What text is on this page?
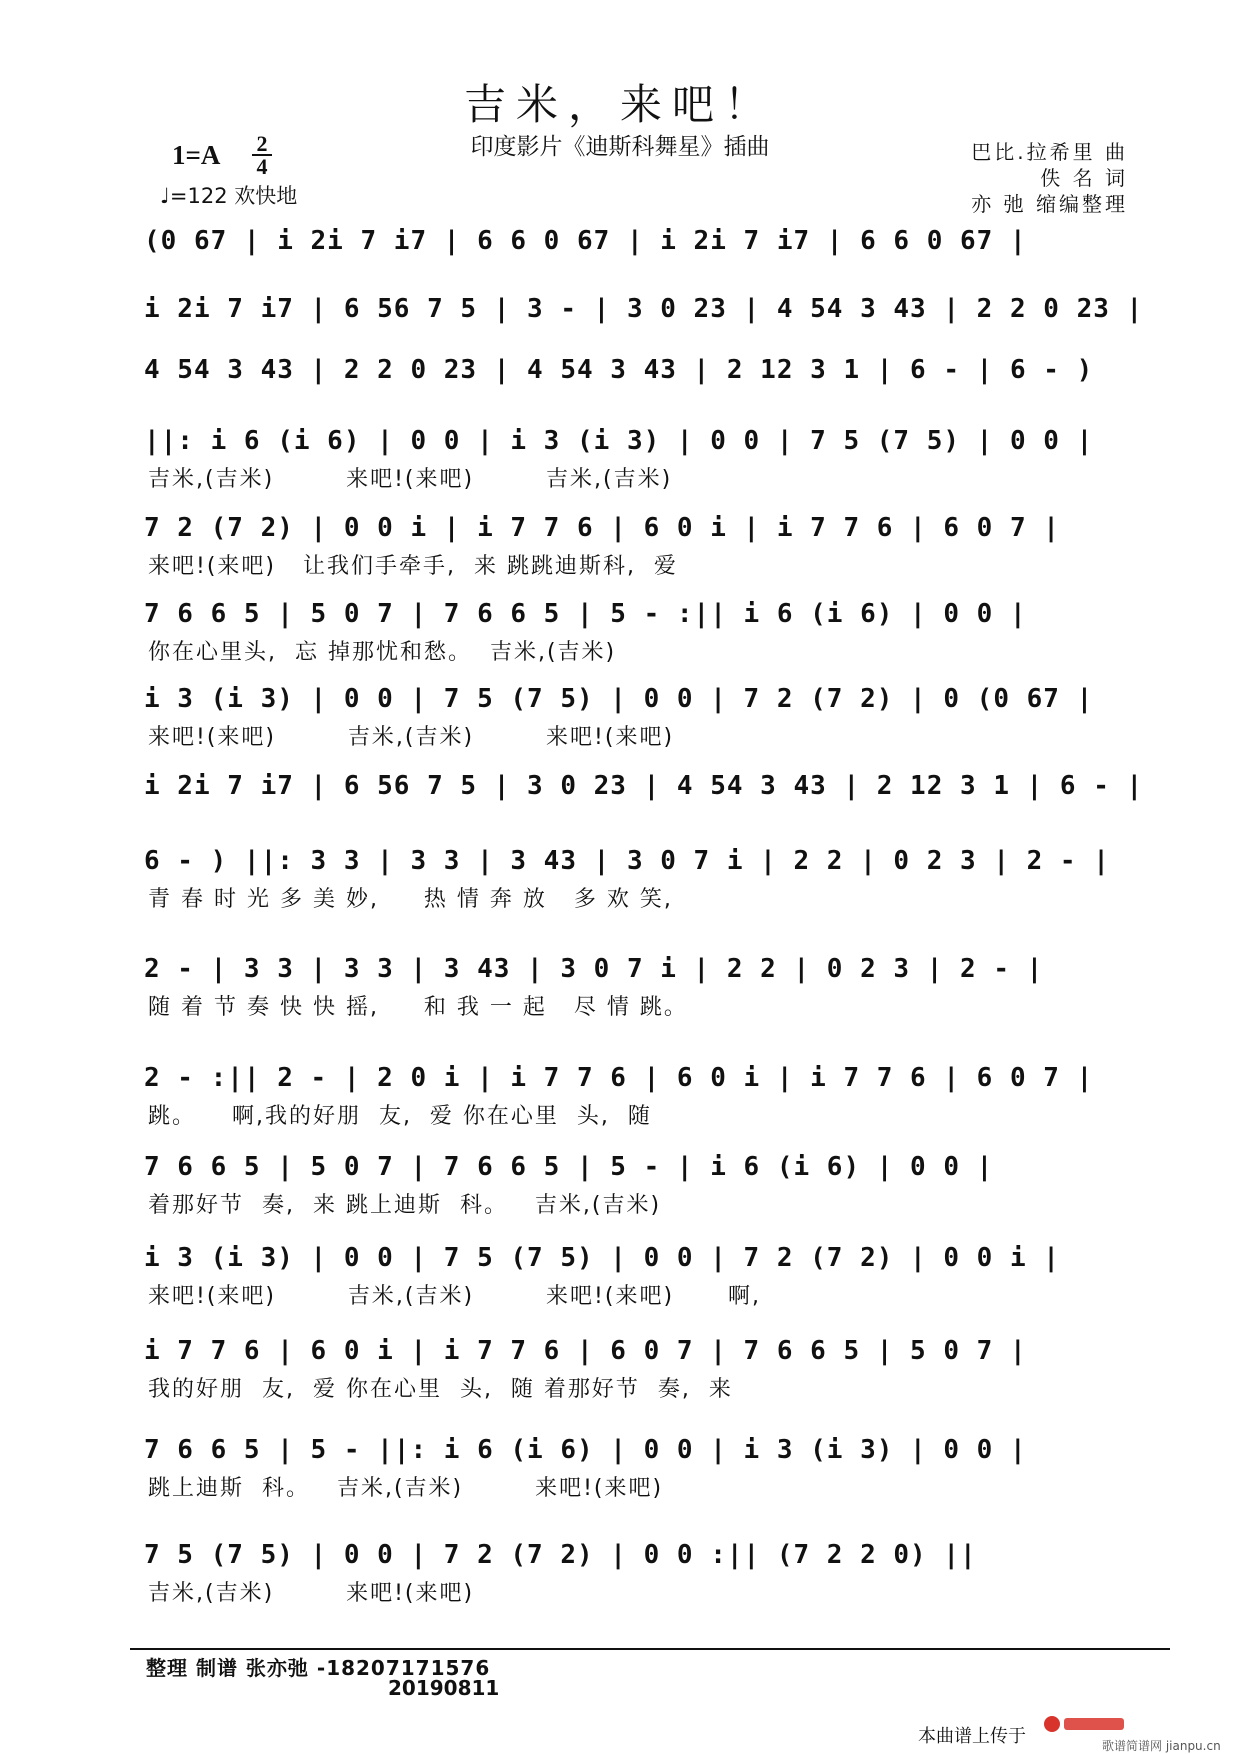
吉米，来吧！
印度影片《迪斯科舞星》插曲
1=A 2
4
♩=122 欢快地
巴比.拉希里 曲
佚 名 词
亦 弛 缩编整理
(0 67 | i 2i 7 i7 | 6 6 0 67 | i 2i 7 i7 | 6 6 0 67 |
i 2i 7 i7 | 6 56 7 5 | 3 - | 3 0 23 | 4 54 3 43 | 2 2 0 23 |
4 54 3 43 | 2 2 0 23 | 4 54 3 43 | 2 12 3 1 | 6 - | 6 - )
||: i 6 (i 6) | 0 0 | i 3 (i 3) | 0 0 | 7 5 (7 5) | 0 0 |
吉米,(吉米)        来吧!(来吧)        吉米,(吉米)
7 2 (7 2) | 0 0 i | i 7 7 6 | 6 0 i | i 7 7 6 | 6 0 7 |
来吧!(来吧)   让我们手牵手,  来 跳跳迪斯科,  爱
7 6 6 5 | 5 0 7 | 7 6 6 5 | 5 - :|| i 6 (i 6) | 0 0 |
你在心里头,  忘 掉那忧和愁。  吉米,(吉米)
i 3 (i 3) | 0 0 | 7 5 (7 5) | 0 0 | 7 2 (7 2) | 0 (0 67 |
来吧!(来吧)        吉米,(吉米)        来吧!(来吧)
i 2i 7 i7 | 6 56 7 5 | 3 0 23 | 4 54 3 43 | 2 12 3 1 | 6 - |
6 - ) ||: 3 3 | 3 3 | 3 43 | 3 0 7 i | 2 2 | 0 2 3 | 2 - |
青 春 时 光 多 美 妙,     热 情 奔 放   多 欢 笑,
2 - | 3 3 | 3 3 | 3 43 | 3 0 7 i | 2 2 | 0 2 3 | 2 - |
随 着 节 奏 快 快 摇,     和 我 一 起   尽 情 跳。
2 - :|| 2 - | 2 0 i | i 7 7 6 | 6 0 i | i 7 7 6 | 6 0 7 |
跳。    啊,我的好朋  友,  爱 你在心里  头,  随
7 6 6 5 | 5 0 7 | 7 6 6 5 | 5 - | i 6 (i 6) | 0 0 |
着那好节  奏,  来 跳上迪斯  科。   吉米,(吉米)
i 3 (i 3) | 0 0 | 7 5 (7 5) | 0 0 | 7 2 (7 2) | 0 0 i |
来吧!(来吧)        吉米,(吉米)        来吧!(来吧)      啊,
i 7 7 6 | 6 0 i | i 7 7 6 | 6 0 7 | 7 6 6 5 | 5 0 7 |
我的好朋  友,  爱 你在心里  头,  随 着那好节  奏,  来
7 6 6 5 | 5 - ||: i 6 (i 6) | 0 0 | i 3 (i 3) | 0 0 |
跳上迪斯  科。   吉米,(吉米)        来吧!(来吧)
7 5 (7 5) | 0 0 | 7 2 (7 2) | 0 0 :|| (7 2 2 0) ||
吉米,(吉米)        来吧!(来吧)
整理 制谱 张亦弛 -18207171576
20190811
本曲谱上传于	歌谱简谱网 jianpu.cn
